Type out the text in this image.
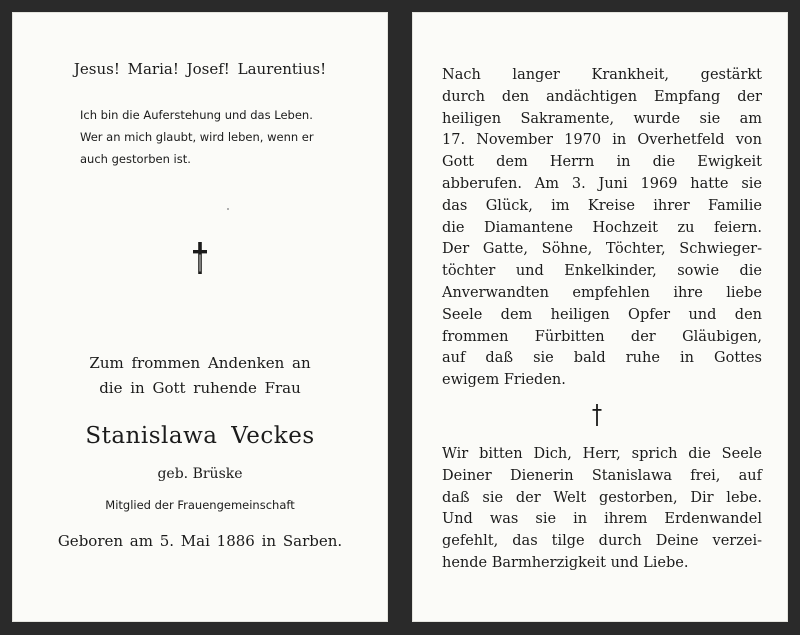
Jesus! Maria! Josef! Laurentius!
Ich bin die Auferstehung und das Leben.
Wer an mich glaubt, wird leben, wenn er
auch gestorben ist.
Zum frommen Andenken an
die in Gott ruhende Frau
Stanislawa Veckes
geb. Brüske
Mitglied der Frauengemeinschaft
Geboren am 5. Mai 1886 in Sarben.
Nach langer Krankheit, gestärkt
durch den andächtigen Empfang der
heiligen Sakramente, wurde sie am
17. November 1970 in Overhetfeld von
Gott dem Herrn in die Ewigkeit
abberufen. Am 3. Juni 1969 hatte sie
das Glück, im Kreise ihrer Familie
die Diamantene Hochzeit zu feiern.
Der Gatte, Söhne, Töchter, Schwieger-
töchter und Enkelkinder, sowie die
Anverwandten empfehlen ihre liebe
Seele dem heiligen Opfer und den
frommen Fürbitten der Gläubigen,
auf daß sie bald ruhe in Gottes
ewigem Frieden.
Wir bitten Dich, Herr, sprich die Seele
Deiner Dienerin Stanislawa frei, auf
daß sie der Welt gestorben, Dir lebe.
Und was sie in ihrem Erdenwandel
gefehlt, das tilge durch Deine verzei-
hende Barmherzigkeit und Liebe.
